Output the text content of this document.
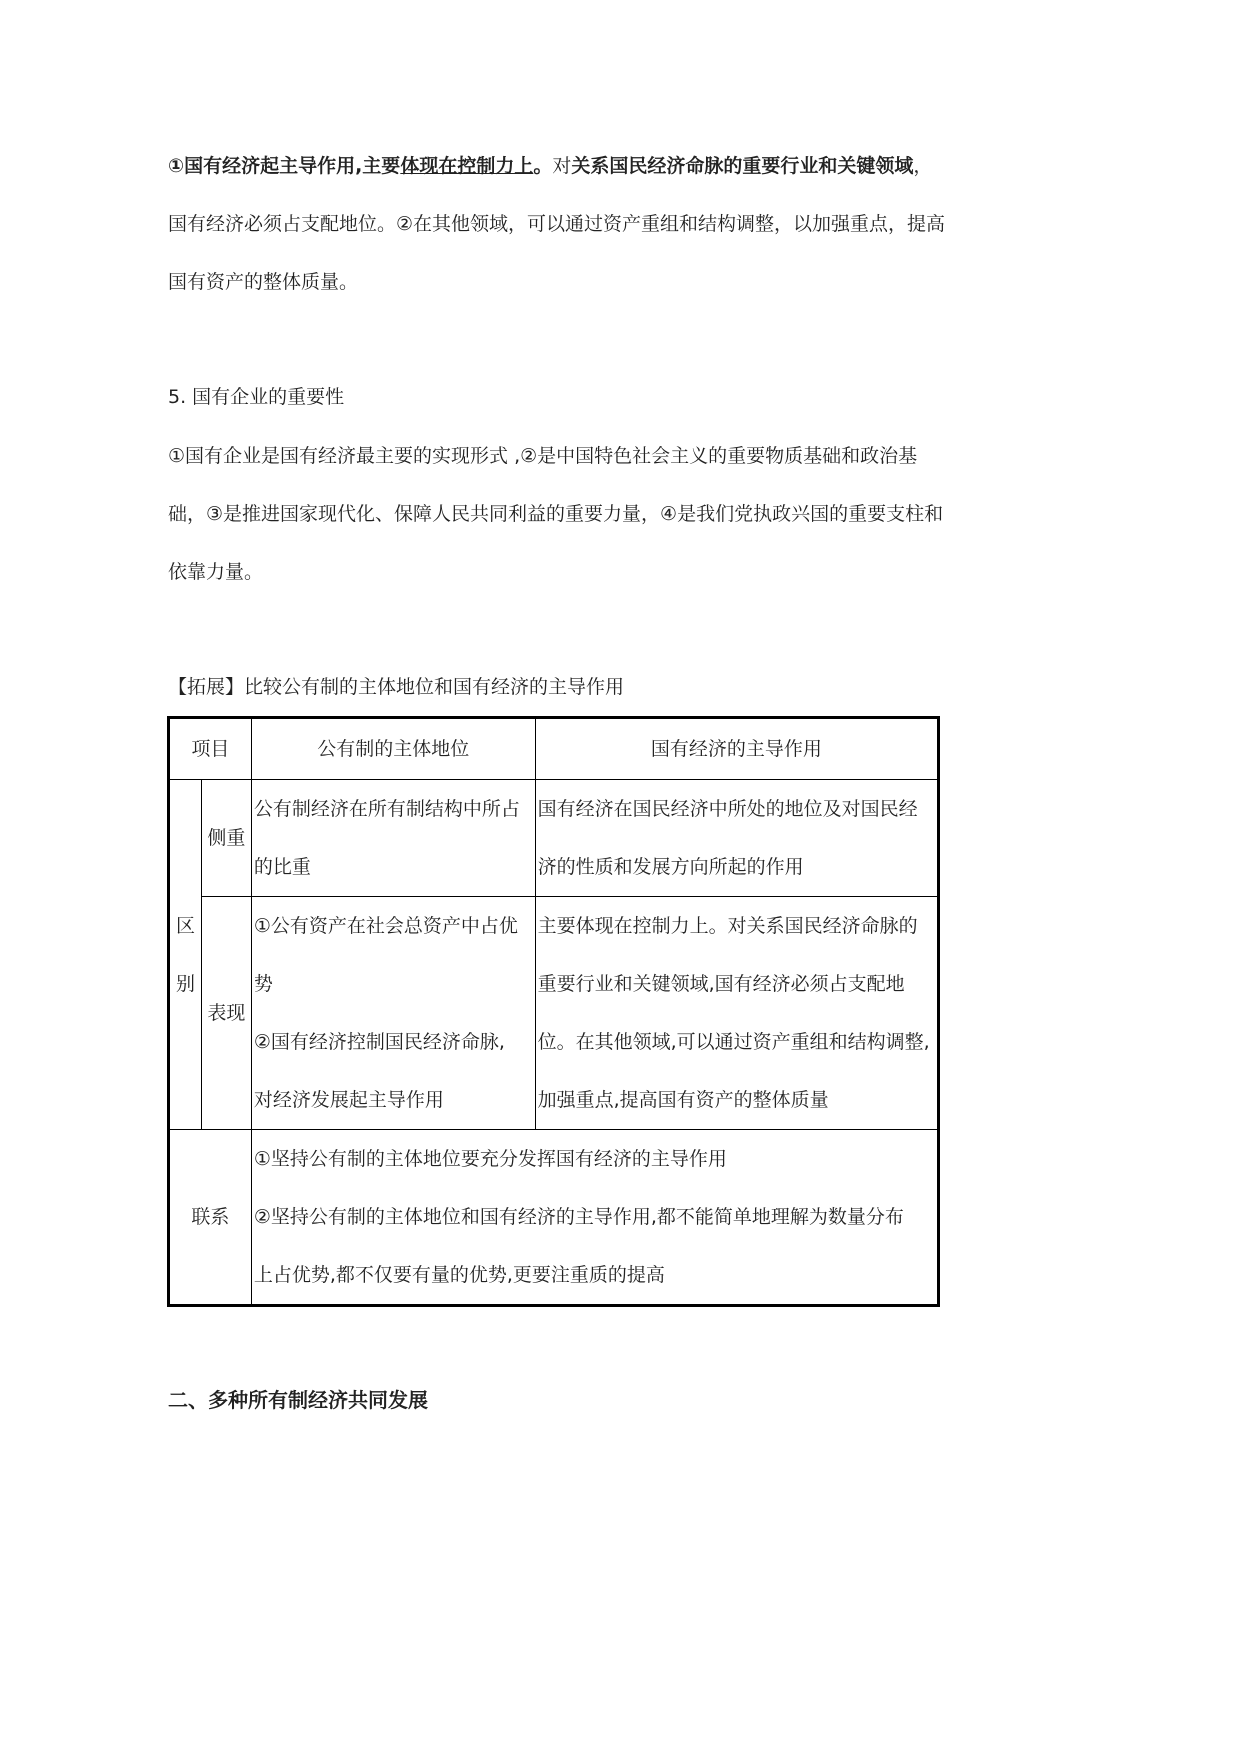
①国有经济起主导作用,主要体现在控制力上。对关系国民经济命脉的重要行业和关键领域，国有经济必须占支配地位。②在其他领域，可以通过资产重组和结构调整，以加强重点，提高国有资产的整体质量。

5. 国有企业的重要性

①国有企业是国有经济最主要的实现形式 ,②是中国特色社会主义的重要物质基础和政治基础，③是推进国家现代化、保障人民共同利益的重要力量，④是我们党执政兴国的重要支柱和依靠力量。

【拓展】比较公有制的主体地位和国有经济的主导作用

项目		公有制的主体地位	国有经济的主导作用

区
别	侧重	公有制经济在所有制结构中所占
的比重	国有经济在国民经济中所处的地位及对国民经
济的性质和发展方向所起的作用

	表现	①公有资产在社会总资产中占优
势
②国有经济控制国民经济命脉,
对经济发展起主导作用	主要体现在控制力上。对关系国民经济命脉的
重要行业和关键领域,国有经济必须占支配地
位。在其他领域,可以通过资产重组和结构调整,
加强重点,提高国有资产的整体质量

联系		①坚持公有制的主体地位要充分发挥国有经济的主导作用
②坚持公有制的主体地位和国有经济的主导作用,都不能简单地理解为数量分布
上占优势,都不仅要有量的优势,更要注重质的提高	

二、多种所有制经济共同发展
